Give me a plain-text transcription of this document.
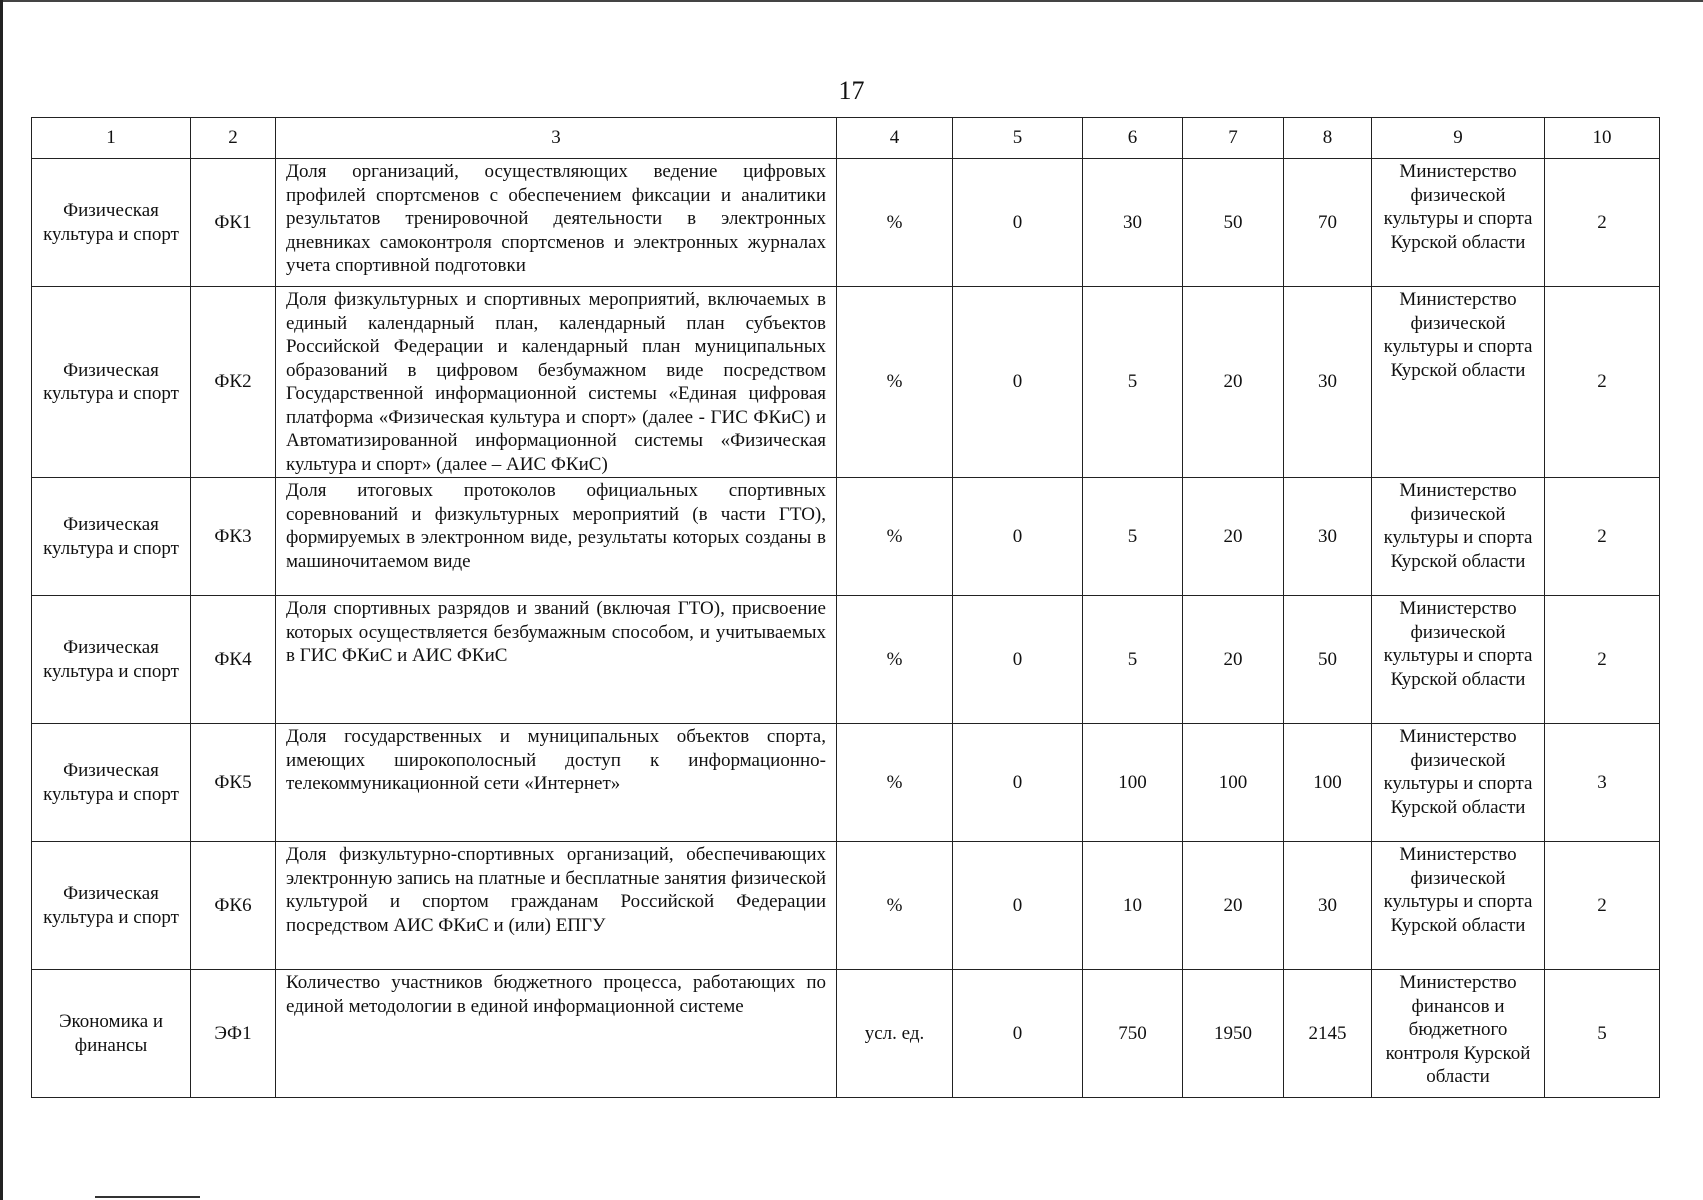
17
1	2	3	4	5	6	7	8	9	10
Физическая культура и спорт	ФК1	Доля организаций, осуществляющих ведение цифровых профилей спортсменов с обеспечением фиксации и аналитики результатов тренировочной деятельности в электронных дневниках самоконтроля спортсменов и электронных журналах учета спортивной подготовки	%	0	30	50	70	Министерство физической культуры и спорта Курской области	2
Физическая культура и спорт	ФК2	Доля физкультурных и спортивных мероприятий, включаемых в единый календарный план, календарный план субъектов Российской Федерации и календарный план муниципальных образований в цифровом безбумажном виде посредством Государственной информационной системы «Единая цифровая платформа «Физическая культура и спорт» (далее - ГИС ФКиС) и Автоматизированной информационной системы «Физическая культура и спорт» (далее – АИС ФКиС)	%	0	5	20	30	Министерство физической культуры и спорта Курской области	2
Физическая культура и спорт	ФК3	Доля итоговых протоколов официальных спортивных соревнований и физкультурных мероприятий (в части ГТО), формируемых в электронном виде, результаты которых созданы в машиночитаемом виде	%	0	5	20	30	Министерство физической культуры и спорта Курской области	2
Физическая культура и спорт	ФК4	Доля спортивных разрядов и званий (включая ГТО), присвоение которых осуществляется безбумажным способом, и учитываемых в ГИС ФКиС и АИС ФКиС	%	0	5	20	50	Министерство физической культуры и спорта Курской области	2
Физическая культура и спорт	ФК5	Доля государственных и муниципальных объектов спорта, имеющих широкополосный доступ к информационно-телекоммуникационной сети «Интернет»	%	0	100	100	100	Министерство физической культуры и спорта Курской области	3
Физическая культура и спорт	ФК6	Доля физкультурно-спортивных организаций, обеспечивающих электронную запись на платные и бесплатные занятия физической культурой и спортом гражданам Российской Федерации посредством АИС ФКиС и (или) ЕПГУ	%	0	10	20	30	Министерство физической культуры и спорта Курской области	2
Экономика и финансы	ЭФ1	Количество участников бюджетного процесса, работающих по единой методологии в единой информационной системе	усл. ед.	0	750	1950	2145	Министерство финансов и бюджетного контроля Курской области	5
